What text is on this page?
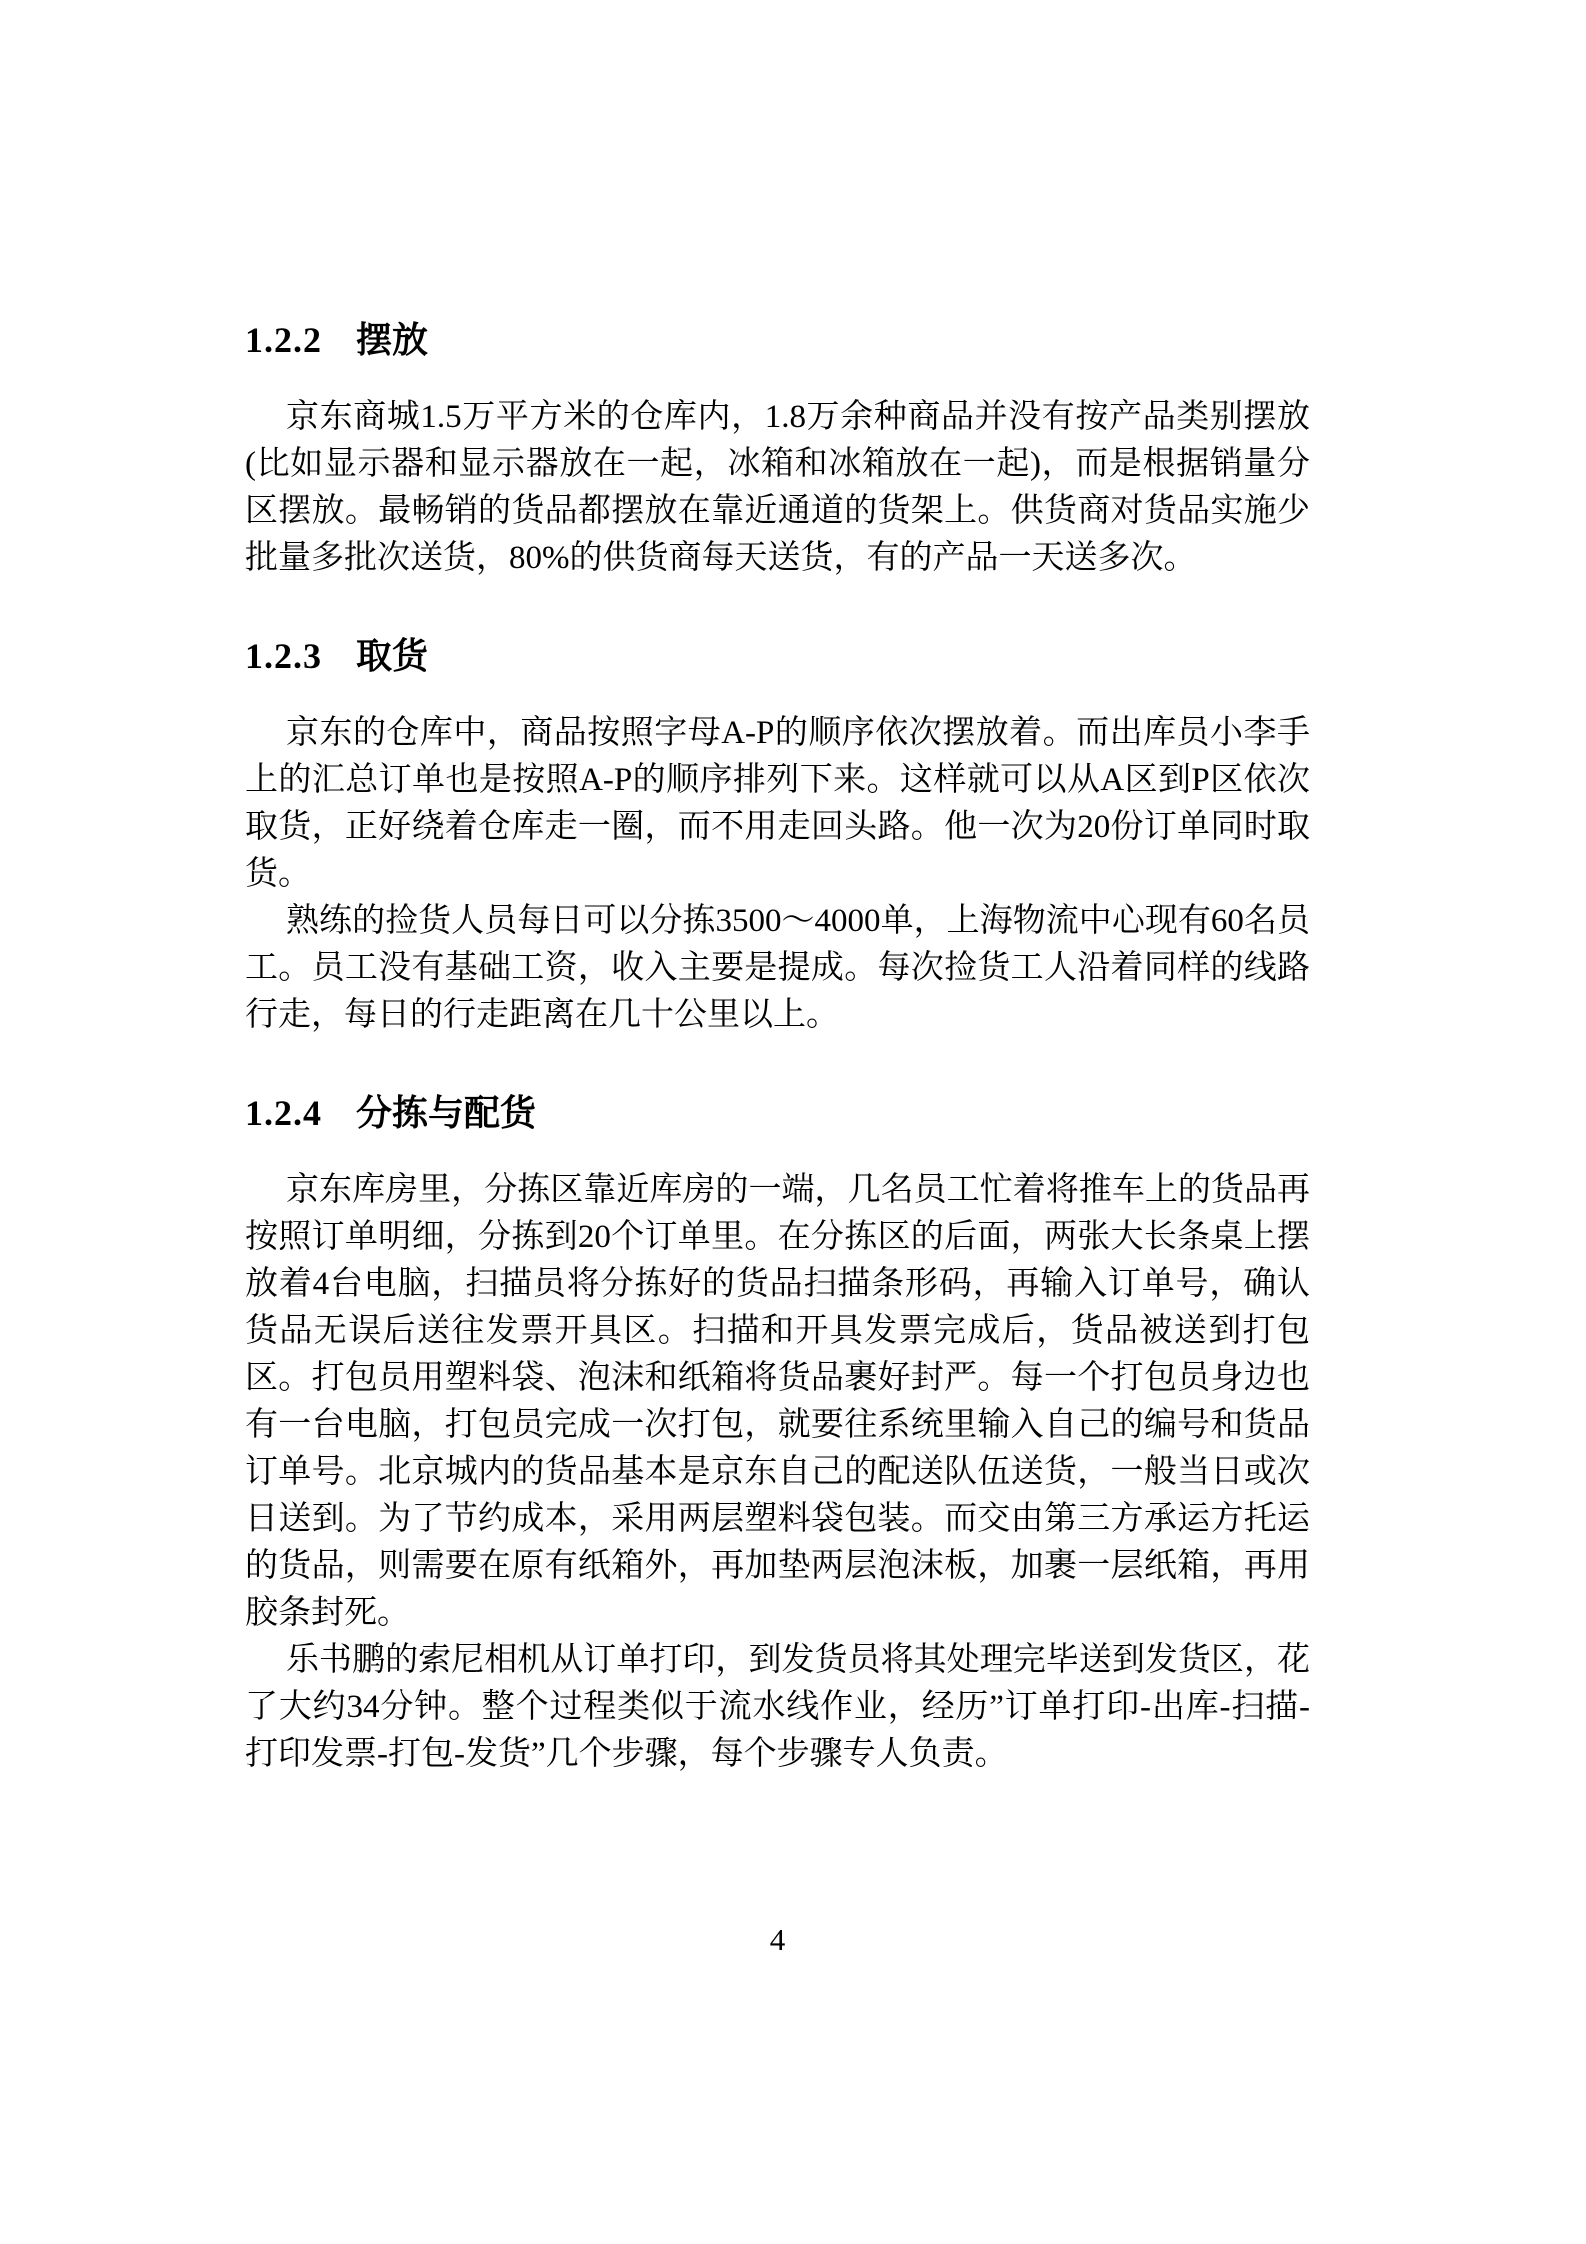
1.2.2 摆放

京东商城1.5万平方米的仓库内，1.8万余种商品并没有按产品类别摆放(比如显示器和显示器放在一起，冰箱和冰箱放在一起)，而是根据销量分区摆放。最畅销的货品都摆放在靠近通道的货架上。供货商对货品实施少批量多批次送货，80%的供货商每天送货，有的产品一天送多次。

1.2.3 取货

京东的仓库中，商品按照字母A-P的顺序依次摆放着。而出库员小李手上的汇总订单也是按照A-P的顺序排列下来。这样就可以从A区到P区依次取货，正好绕着仓库走一圈，而不用走回头路。他一次为20份订单同时取货。

熟练的捡货人员每日可以分拣3500～4000单，上海物流中心现有60名员工。员工没有基础工资，收入主要是提成。每次捡货工人沿着同样的线路行走，每日的行走距离在几十公里以上。

1.2.4 分拣与配货

京东库房里，分拣区靠近库房的一端，几名员工忙着将推车上的货品再按照订单明细，分拣到20个订单里。在分拣区的后面，两张大长条桌上摆放着4台电脑，扫描员将分拣好的货品扫描条形码，再输入订单号，确认货品无误后送往发票开具区。扫描和开具发票完成后，货品被送到打包区。打包员用塑料袋、泡沫和纸箱将货品裹好封严。每一个打包员身边也有一台电脑，打包员完成一次打包，就要往系统里输入自己的编号和货品订单号。北京城内的货品基本是京东自己的配送队伍送货，一般当日或次日送到。为了节约成本，采用两层塑料袋包装。而交由第三方承运方托运的货品，则需要在原有纸箱外，再加垫两层泡沫板，加裹一层纸箱，再用胶条封死。

乐书鹏的索尼相机从订单打印，到发货员将其处理完毕送到发货区，花了大约34分钟。整个过程类似于流水线作业，经历”订单打印-出库-扫描-打印发票-打包-发货”几个步骤，每个步骤专人负责。

4
